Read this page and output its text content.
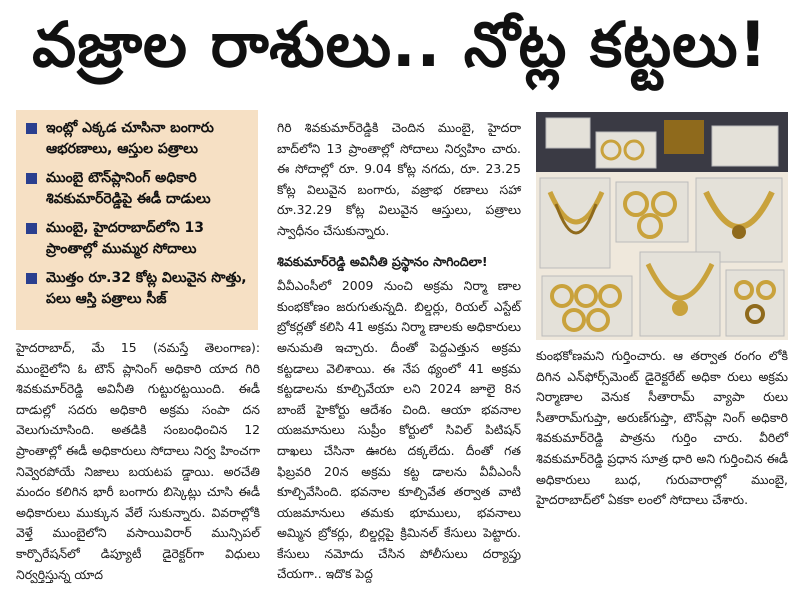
వజ్రాల రాశులు.. నోట్ల కట్టలు!
ఇంట్లో ఎక్కడ చూసినా బంగారు ఆభరణాలు, ఆస్తుల పత్రాలు
ముంబై టౌన్‌ప్లానింగ్ అధికారి శివకుమార్‌రెడ్డిపై ఈడీ దాడులు
ముంబై, హైదరాబాద్‌లోని 13 ప్రాంతాల్లో ముమ్మర సోదాలు
మొత్తం రూ.32 కోట్ల విలువైన సొత్తు, పలు ఆస్తి పత్రాలు సీజ్

హైదరాబాద్, మే 15 (నమస్తే తెలంగాణ): ముంబైలోని ఓ టౌన్ ప్లానింగ్ అధికారి యాద గిరి శివకుమార్‌రెడ్డి అవినీతి గుట్టురట్టయింది. ఈడీ దాడుల్లో సదరు అధికారి అక్రమ సంపా దన వెలుగుచూసింది. అతడికి సంబంధించిన 12 ప్రాంతాల్లో ఈడీ అధికారులు సోదాలు నిర్వ హించగా నివ్వెరపోయే నిజాలు బయటప డ్డాయి. అరచేతి మందం కలిగిన భారీ బంగారు బిస్కెట్లు చూసి ఈడీ అధికారులు ముక్కున వేలే సుకున్నారు. వివరాల్లోకి వెళ్తే ముంబైలోని వసాయివిరార్ మున్సిపల్ కార్పొరేషన్‌లో డిప్యూటీ డైరెక్టర్‌గా విధులు నిర్వర్తిస్తున్న యాద

గిరి శివకుమార్‌రెడ్డికి చెందిన ముంబై, హైదరా బాద్‌లోని 13 ప్రాంతాల్లో సోదాలు నిర్వహిం చారు. ఈ సోదాల్లో రూ. 9.04 కోట్ల నగదు, రూ. 23.25 కోట్ల విలువైన బంగారు, వజ్రాభ రణాలు సహా రూ.32.29 కోట్ల విలువైన ఆస్తులు, పత్రాలు స్వాధీనం చేసుకున్నారు.

శివకుమార్‌రెడ్డి అవినీతి ప్రస్థానం సాగిందిలా!

వీవీఎంసీలో 2009 నుంచి అక్రమ నిర్మా ణాల కుంభకోణం జరుగుతున్నది. బిల్డర్లు, రియల్ ఎస్టేట్ బ్రోకర్లతో కలిసి 41 అక్రమ నిర్మా ణాలకు అధికారులు అనుమతి ఇచ్చారు. దీంతో పెద్దఎత్తున అక్రమ కట్టడాలు వెలిశాయి. ఈ నేప థ్యంలో 41 అక్రమ కట్టడాలను కూల్చివేయా లని 2024 జూలై 8న బాంబే హైకోర్టు ఆదేశం చింది. ఆయా భవనాల యజమానులు సుప్రీం కోర్టులో సివిల్ పిటిషన్ దాఖలు చేసినా ఊరట దక్కలేదు. దీంతో గత ఫిబ్రవరి 20న అక్రమ కట్ట డాలను వీవీఎంసీ కూల్చివేసింది. భవనాల కూల్చివేత తర్వాత వాటి యజమానులు తమకు భూములు, భవనాలు అమ్మిన బ్రోకర్లు, బిల్డర్లపై క్రిమినల్ కేసులు పెట్టారు. కేసులు నమోదు చేసిన పోలీసులు దర్యాప్తు చేయగా.. ఇదొక పెద్ద

కుంభకోణమని గుర్తించారు. ఆ తర్వాత రంగం లోకి దిగిన ఎన్‌ఫోర్స్‌మెంట్ డైరెక్టరేట్ అధికా రులు అక్రమ నిర్మాణాల వెనుక సీతారామ్ వ్యాపా రులు సీతారామ్‌గుప్తా, అరుణ్‌గుప్తా, టౌన్‌ప్లా నింగ్ అధికారి శివకుమార్‌రెడ్డి పాత్రను గుర్తిం చారు. వీరిలో శివకుమార్‌రెడ్డి ప్రధాన సూత్ర ధారి అని గుర్తించిన ఈడీ అధికారులు బుధ, గురువారాల్లో ముంబై, హైదరాబాద్‌లో ఏకకా లంలో సోదాలు చేశారు.
